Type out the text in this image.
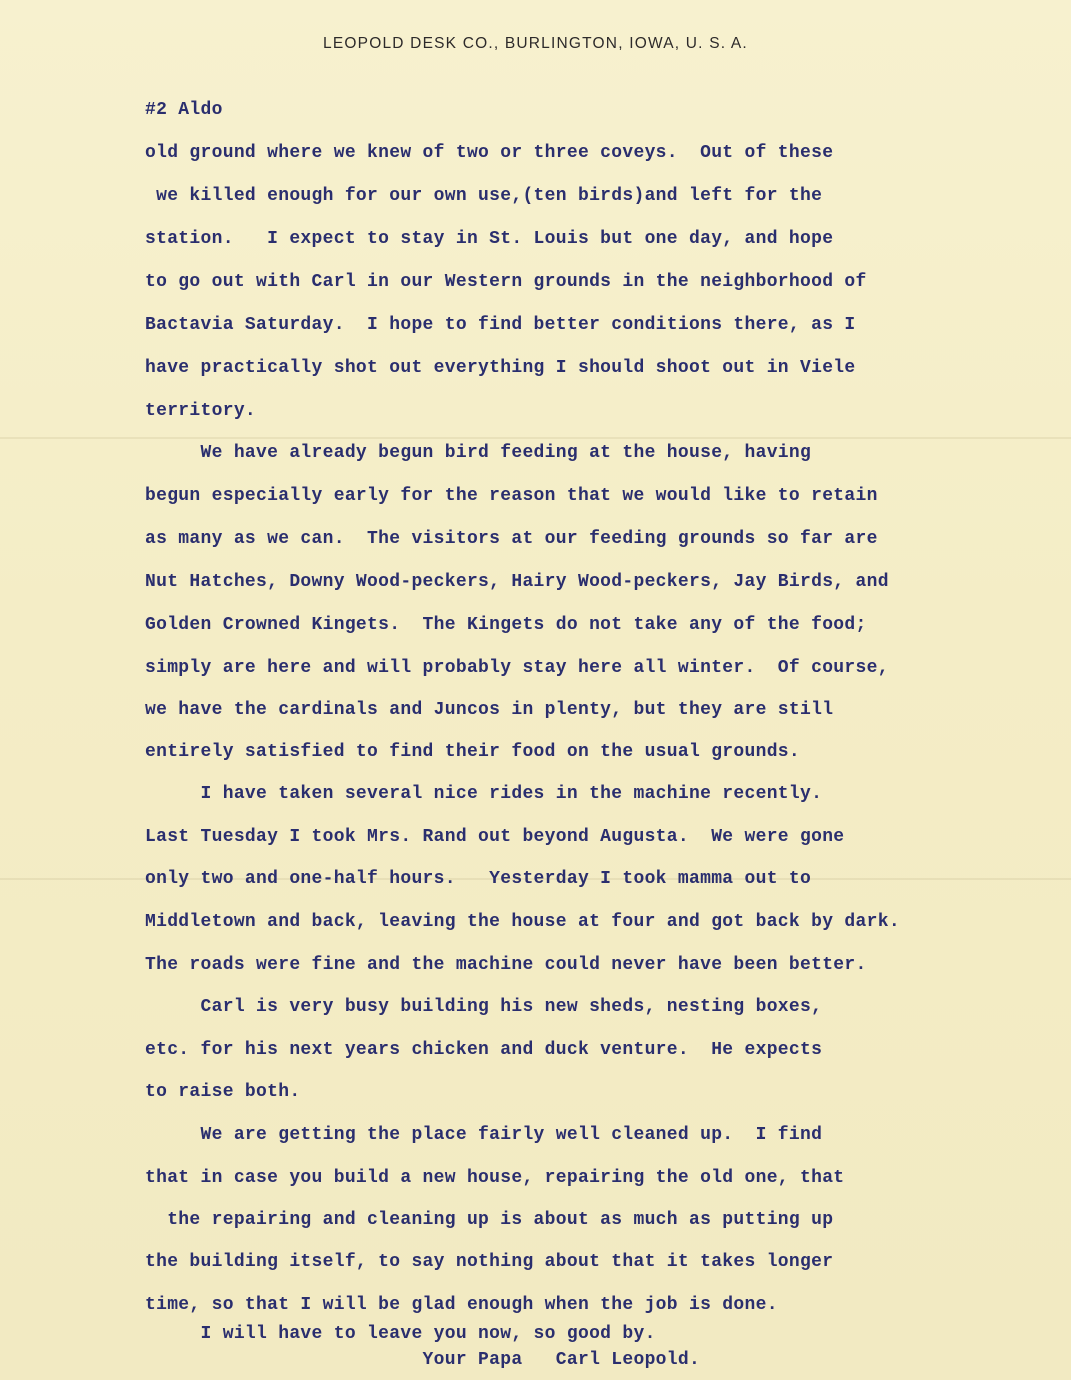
LEOPOLD DESK CO., BURLINGTON, IOWA, U. S. A.
#2 Aldo
old ground where we knew of two or three coveys.  Out of these
we killed enough for our own use,(ten birds)and left for the
station.   I expect to stay in St. Louis but one day, and hope
to go out with Carl in our Western grounds in the neighborhood of
Bactavia Saturday.  I hope to find better conditions there, as I
have practically shot out everything I should shoot out in Viele
territory.
We have already begun bird feeding at the house, having
begun especially early for the reason that we would like to retain
as many as we can.  The visitors at our feeding grounds so far are
Nut Hatches, Downy Wood-peckers, Hairy Wood-peckers, Jay Birds, and
Golden Crowned Kingets.  The Kingets do not take any of the food;
simply are here and will probably stay here all winter.  Of course,
we have the cardinals and Juncos in plenty, but they are still
entirely satisfied to find their food on the usual grounds.
I have taken several nice rides in the machine recently.
Last Tuesday I took Mrs. Rand out beyond Augusta.  We were gone
only two and one-half hours.   Yesterday I took mamma out to
Middletown and back, leaving the house at four and got back by dark.
The roads were fine and the machine could never have been better.
Carl is very busy building his new sheds, nesting boxes,
etc. for his next years chicken and duck venture.  He expects
to raise both.
We are getting the place fairly well cleaned up.  I find
that in case you build a new house, repairing the old one, that
the repairing and cleaning up is about as much as putting up
the building itself, to say nothing about that it takes longer
time, so that I will be glad enough when the job is done.
I will have to leave you now, so good by.
Your Papa   Carl Leopold.
